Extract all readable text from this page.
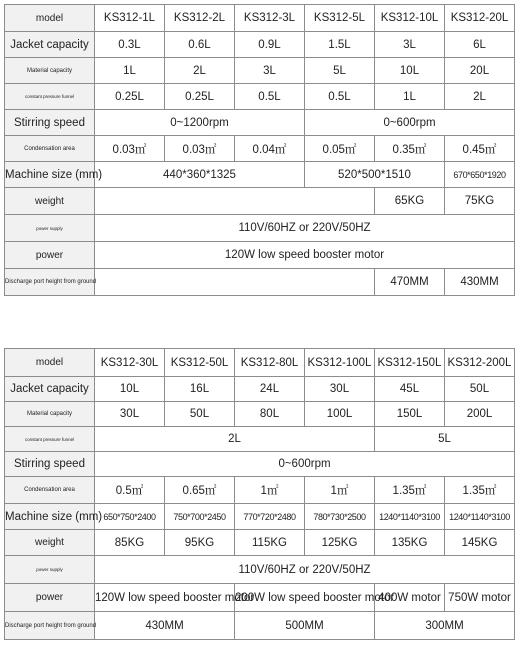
model	KS312-1L	KS312-2L	KS312-3L	KS312-5L	KS312-10L	KS312-20L	
Jacket capacity	0.3L	0.6L	0.9L	1.5L	3L	6L	
Material capacity	1L	2L	3L	5L	10L	20L	
constant pressure funnel	0.25L	0.25L	0.5L	0.5L	1L	2L	
Stirring speed	0~1200rpm			0~600rpm			
Condensation area	0.03㎡	0.03㎡	0.04㎡	0.05㎡	0.35㎡	0.45㎡	
Machine size (mm)	440*360*1325			520*500*1510		670*650*1920	
weight					65KG	75KG	
power supply	110V/60HZ or 220V/50HZ						
power	120W low speed booster motor						
Discharge port height from ground					470MM	430MM	
model	KS312-30L	KS312-50L	KS312-80L	KS312-100L	KS312-150L	KS312-200L
Jacket capacity	10L	16L	24L	30L	45L	50L
Material capacity	30L	50L	80L	100L	150L	200L
constant pressure funnel	2L				5L	
Stirring speed	0~600rpm					
Condensation area	0.5㎡	0.65㎡	1㎡	1㎡	1.35㎡	1.35㎡
Machine size (mm)	650*750*2400	750*700*2450	770*720*2480	780*730*2500	1240*1140*3100	1240*1140*3100
weight	85KG	95KG	115KG	125KG	135KG	145KG
power supply	110V/60HZ or 220V/50HZ					
power	120W low speed booster motor		200W low speed booster motor		400W motor	750W motor
Discharge port height from ground	430MM		500MM		300MM	
